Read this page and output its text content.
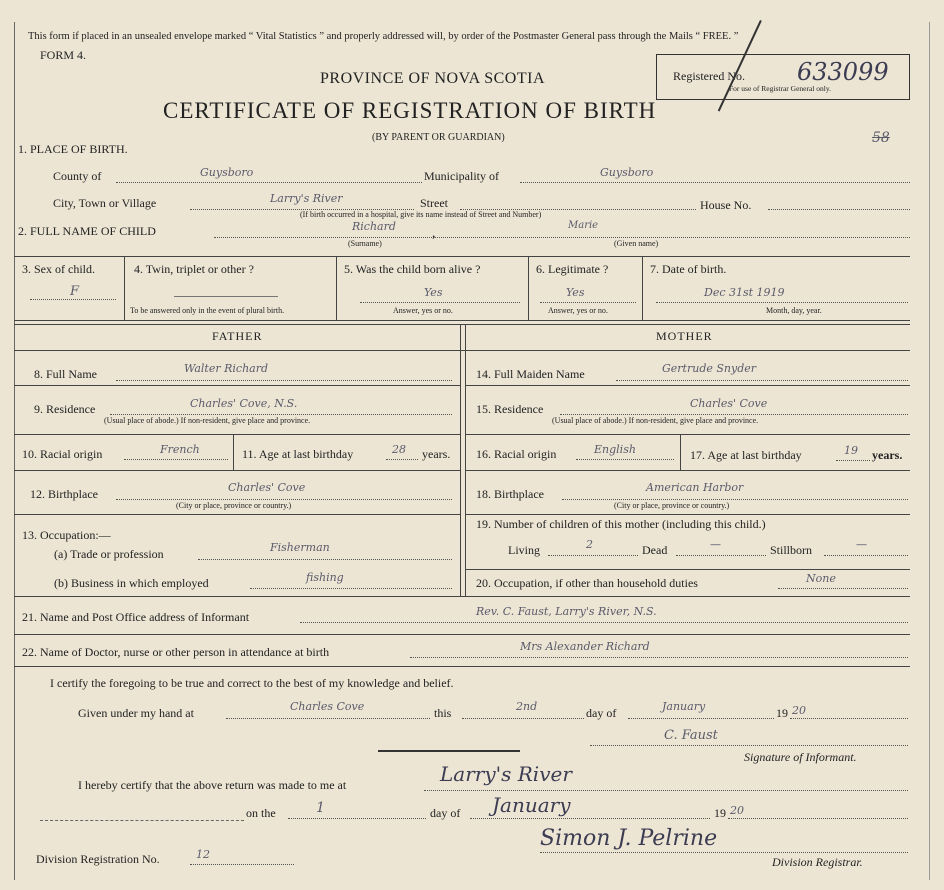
This form if placed in an unsealed envelope marked “ Vital Statistics ” and properly addressed will, by order of the Postmaster General pass through the Mails “ FREE. ”
FORM 4.
PROVINCE OF NOVA SCOTIA
CERTIFICATE OF REGISTRATION OF BIRTH
(BY PARENT OR GUARDIAN)
Registered No. 633099
For use of Registrar General only.
58
1. PLACE OF BIRTH.
County of	Guysboro	Municipality of	Guysboro
City, Town or Village	Larry's River	Street	House No.
(If birth occurred in a hospital, give its name instead of Street and Number)
2. FULL NAME OF CHILD	Richard	,
Marie
(Surname)	(Given name)
3. Sex of child.
F
4. Twin, triplet or other ?
To be answered only in the event of plural birth.
5. Was the child born alive ?
Yes
Answer, yes or no.
6. Legitimate ?
Yes
Answer, yes or no.
7. Date of birth.
Dec 31st 1919
Month, day, year.
FATHER	MOTHER
8. Full Name	Walter Richard
9. Residence	Charles' Cove, N.S.
(Usual place of abode.) If non-resident, give place and province.
10. Racial origin	French	11. Age at last birthday	28 years.
12. Birthplace	Charles' Cove
(City or place, province or country.)
13. Occupation:—
(a) Trade or profession	Fisherman
(b) Business in which employed	fishing
14. Full Maiden Name	Gertrude Snyder
15. Residence	Charles' Cove
(Usual place of abode.) If non-resident, give place and province.
16. Racial origin	English	17. Age at last birthday	19 years.
18. Birthplace	American Harbor
(City or place, province or country.)
19. Number of children of this mother (including this child.)
Living	2	Dead	—	Stillborn	—
20. Occupation, if other than household duties	None
21. Name and Post Office address of Informant	Rev. C. Faust, Larry's River, N.S.
22. Name of Doctor, nurse or other person in attendance at birth	Mrs Alexander Richard
I certify the foregoing to be true and correct to the best of my knowledge and belief.
Given under my hand at	Charles Cove	this	2nd	day of	January	19 20
C. Faust
Signature of Informant.
I hereby certify that the above return was made to me at	Larry's River
on the	1	day of January	19 20
Simon J. Pelrine
Division Registration No.	12
Division Registrar.
